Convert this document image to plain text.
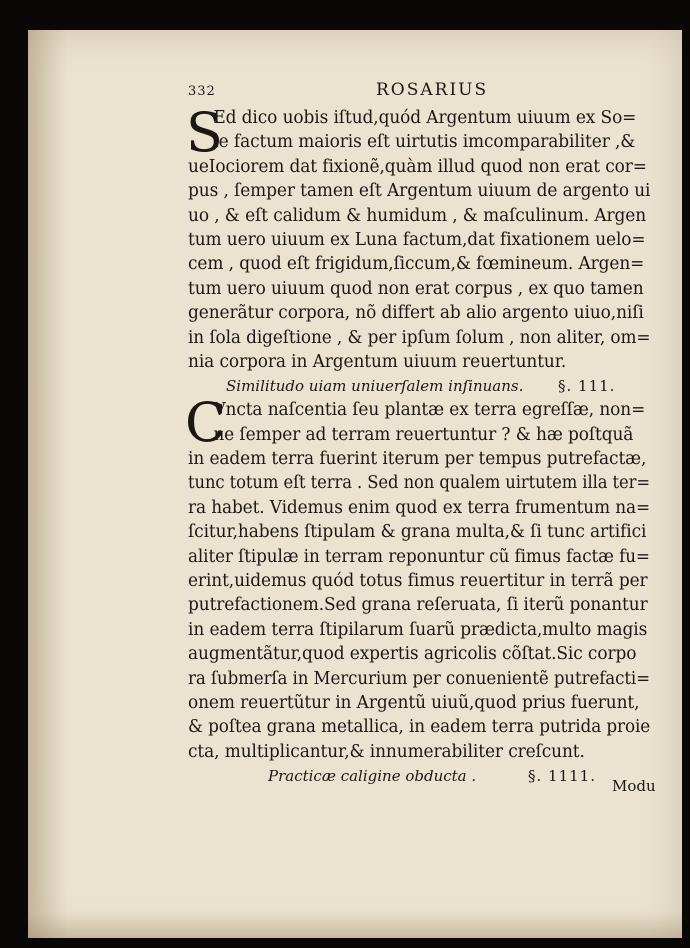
332	ROSARIUS
S
Ed dico uobis iſtud,quód Argentum uiuum ex So=
le factum maioris eſt uirtutis imcomparabiliter ,&
ueIociorem dat fixionẽ,quàm illud quod non erat cor=
pus , ſemper tamen eſt Argentum uiuum de argento ui
uo , & eſt calidum & humidum , & maſculinum. Argen
tum uero uiuum ex Luna factum,dat fixationem uelo=
cem , quod eſt frigidum,ſiccum,& fœmineum. Argen=
tum uero uiuum quod non erat corpus , ex quo tamen
generãtur corpora, nõ differt ab alio argento uiuo,niſi
in ſola digeſtione , & per ipſum ſolum , non aliter, om=
nia corpora in Argentum uiuum reuertuntur.
Similitudo uiam uniuerſalem inſinuans. §. 111.
C
Vncta naſcentia ſeu plantæ ex terra egreſſæ, non=
ne ſemper ad terram reuertuntur ? & hæ poſtquã
in eadem terra fuerint iterum per tempus putrefactæ,
tunc totum eſt terra . Sed non qualem uirtutem illa ter=
ra habet. Videmus enim quod ex terra frumentum na=
ſcitur,habens ſtipulam & grana multa,& ſi tunc artifici
aliter ſtipulæ in terram reponuntur cũ fimus factæ fu=
erint,uidemus quód totus fimus reuertitur in terrã per
putrefactionem.Sed grana reſeruata, ſi iterũ ponantur
in eadem terra ſtipilarum ſuarũ prædicta,multo magis
augmentãtur,quod expertis agricolis cõſtat.Sic corpo
ra ſubmerſa in Mercurium per conuenientẽ putrefacti=
onem reuertũtur in Argentũ uiuũ,quod prius fuerunt,
& poſtea grana metallica, in eadem terra putrida proie
cta, multiplicantur,& innumerabiliter creſcunt.
Practicæ caligine obducta .	§. 1111.
Modu
